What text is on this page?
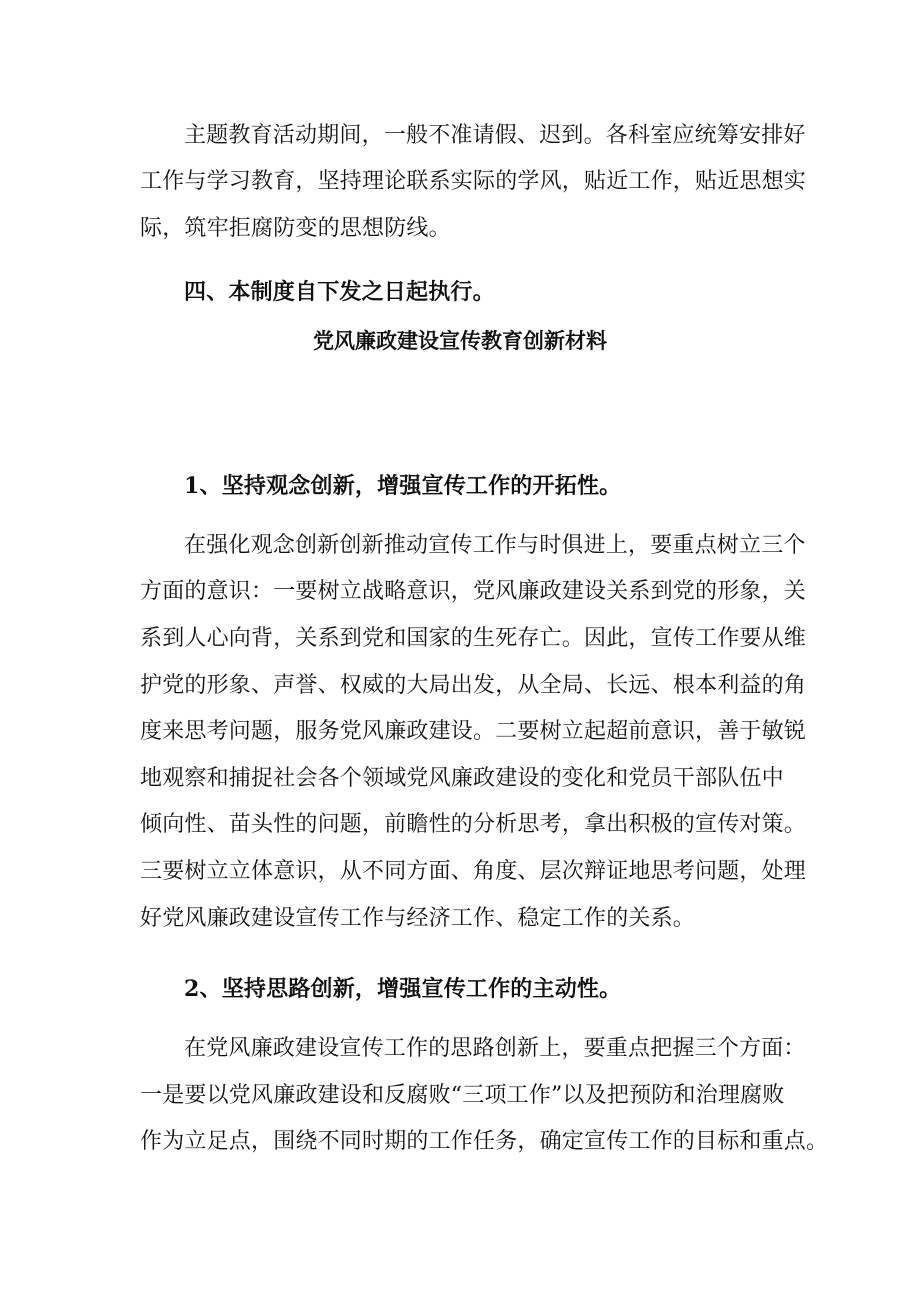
主题教育活动期间，一般不准请假、迟到。各科室应统筹安排好
工作与学习教育，坚持理论联系实际的学风，贴近工作，贴近思想实
际，筑牢拒腐防变的思想防线。
四、本制度自下发之日起执行。
党风廉政建设宣传教育创新材料
1、坚持观念创新，增强宣传工作的开拓性。
在强化观念创新创新推动宣传工作与时俱进上，要重点树立三个
方面的意识：一要树立战略意识，党风廉政建设关系到党的形象，关
系到人心向背，关系到党和国家的生死存亡。因此，宣传工作要从维
护党的形象、声誉、权威的大局出发，从全局、长远、根本利益的角
度来思考问题，服务党风廉政建设。二要树立起超前意识，善于敏锐
地观察和捕捉社会各个领域党风廉政建设的变化和党员干部队伍中
倾向性、苗头性的问题，前瞻性的分析思考，拿出积极的宣传对策。
三要树立立体意识，从不同方面、角度、层次辩证地思考问题，处理
好党风廉政建设宣传工作与经济工作、稳定工作的关系。
2、坚持思路创新，增强宣传工作的主动性。
在党风廉政建设宣传工作的思路创新上，要重点把握三个方面：
一是要以党风廉政建设和反腐败“三项工作”以及把预防和治理腐败
作为立足点，围绕不同时期的工作任务，确定宣传工作的目标和重点。
